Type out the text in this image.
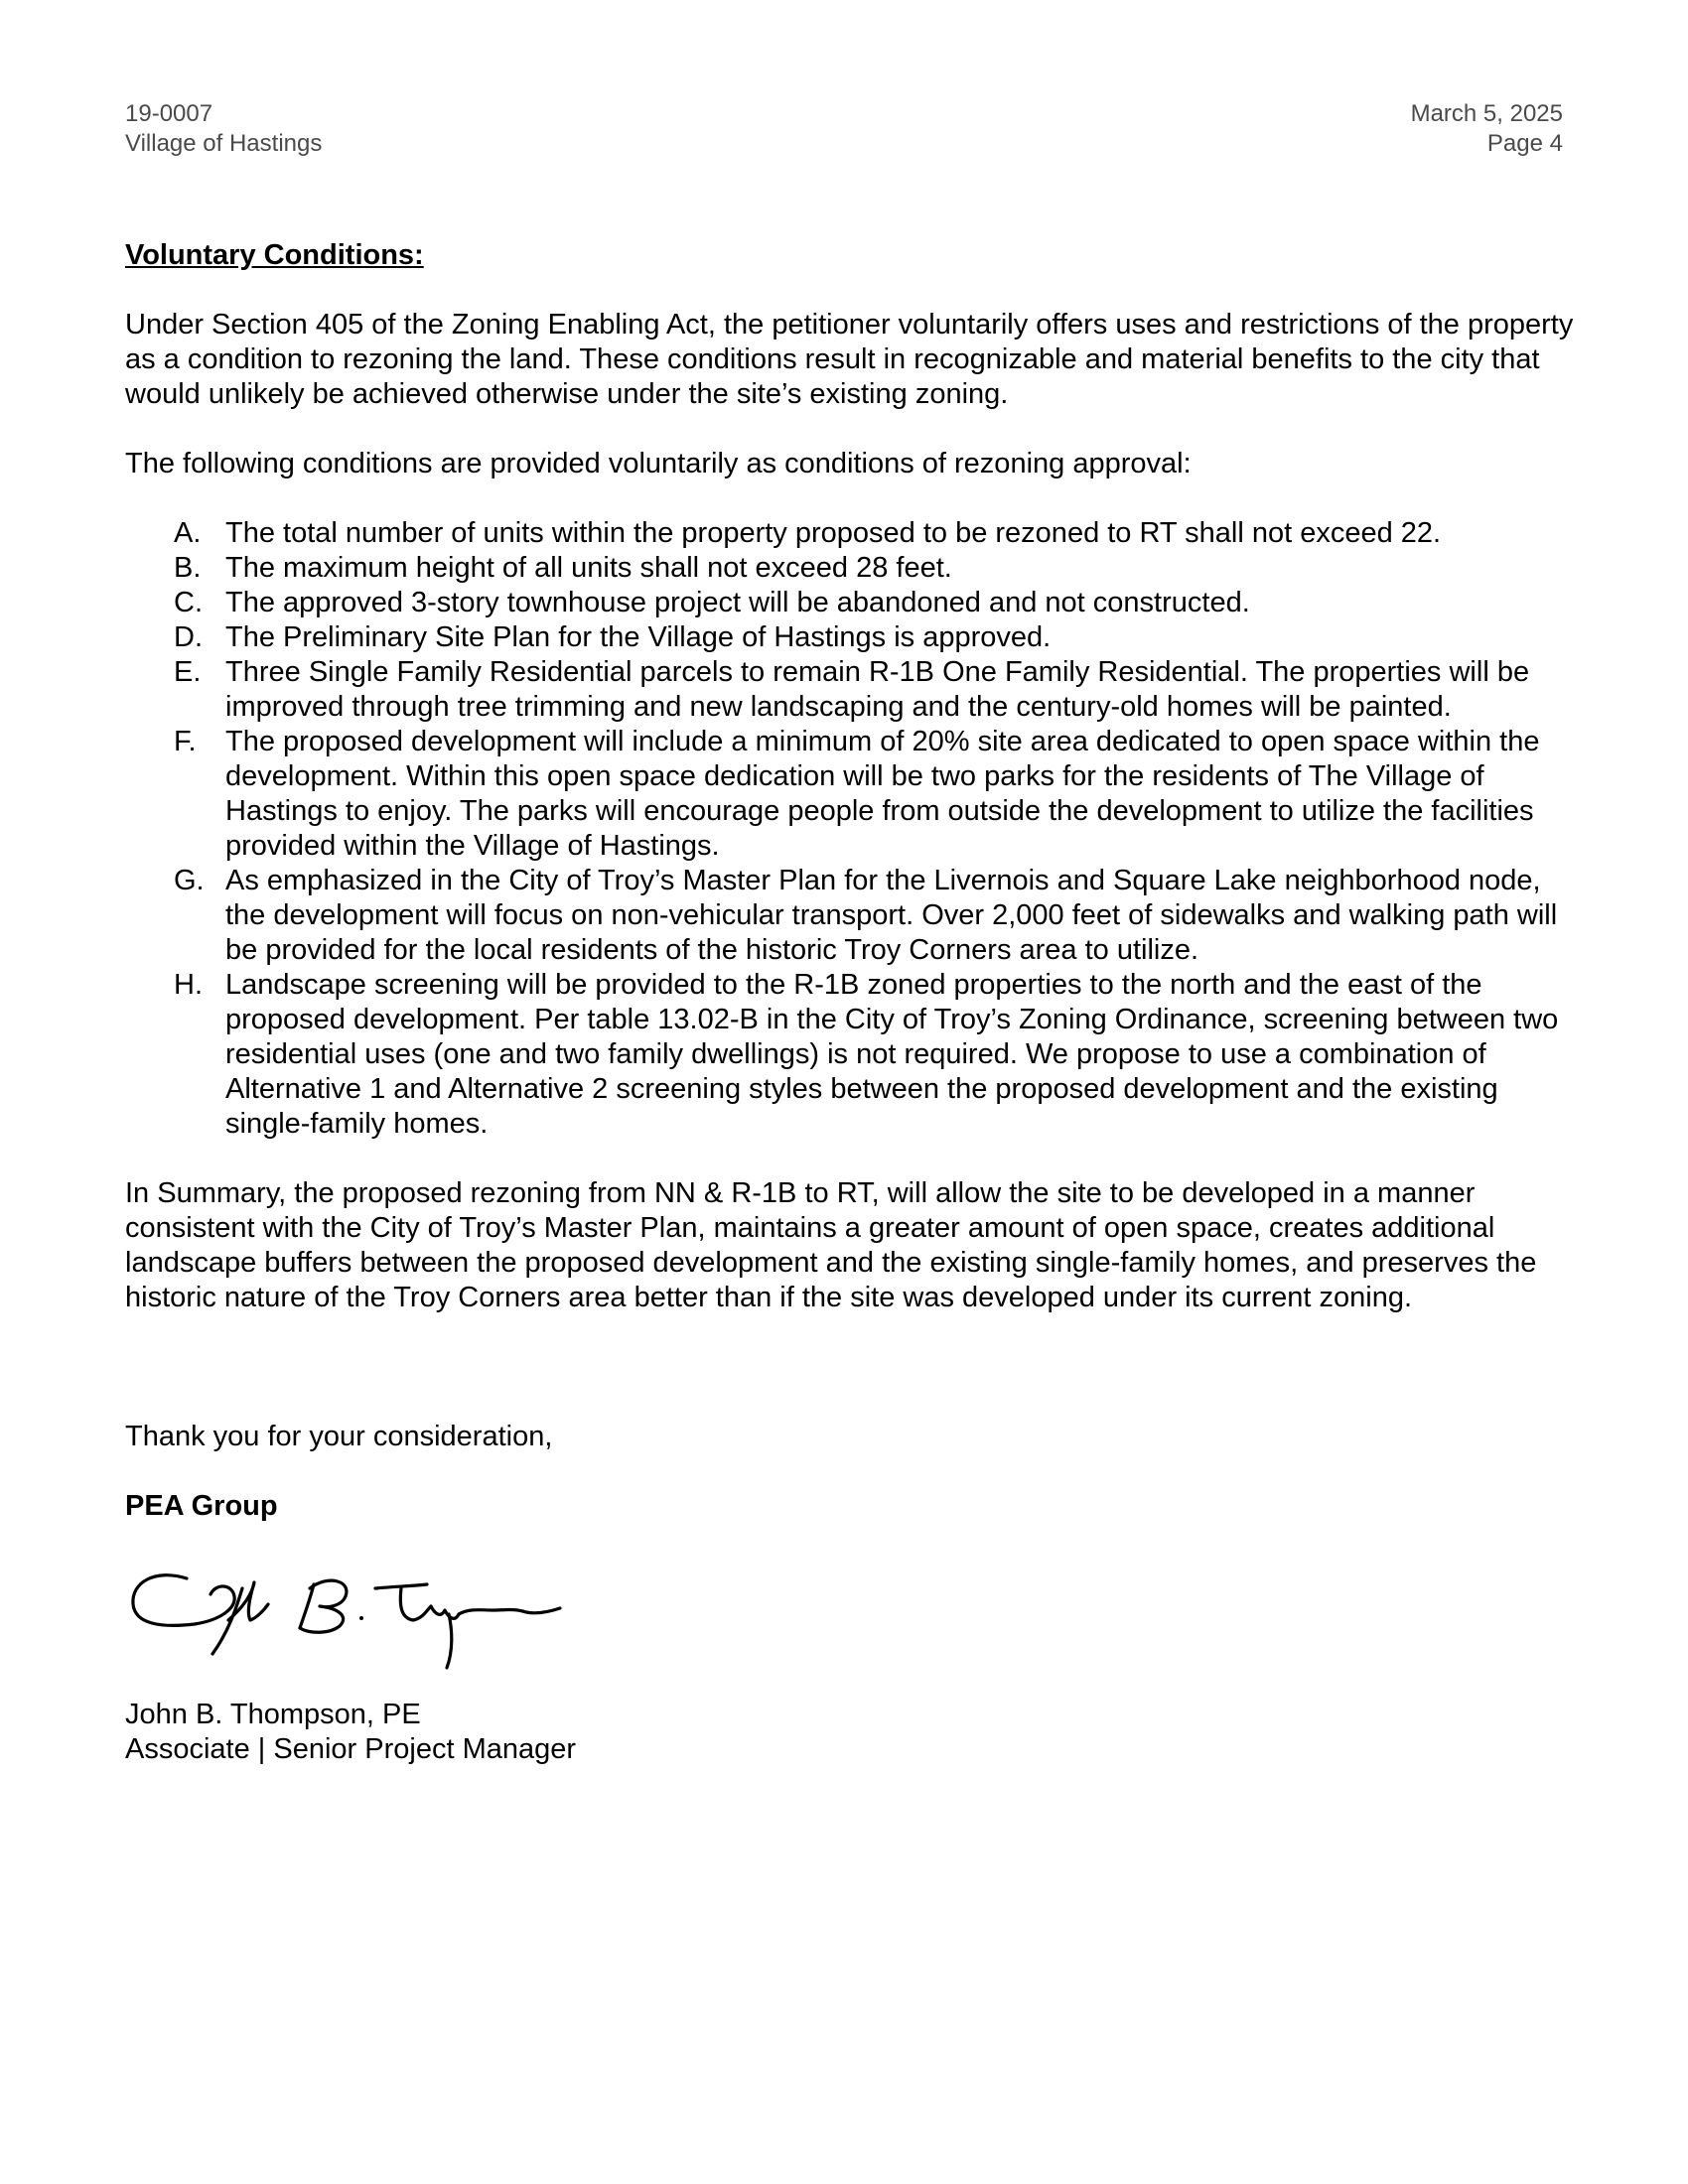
19-0007
Village of Hastings
March 5, 2025
Page 4
Voluntary Conditions:
Under Section 405 of the Zoning Enabling Act, the petitioner voluntarily offers uses and restrictions of the property as a condition to rezoning the land. These conditions result in recognizable and material benefits to the city that would unlikely be achieved otherwise under the site’s existing zoning.
The following conditions are provided voluntarily as conditions of rezoning approval:
A. The total number of units within the property proposed to be rezoned to RT shall not exceed 22.
B. The maximum height of all units shall not exceed 28 feet.
C. The approved 3-story townhouse project will be abandoned and not constructed.
D. The Preliminary Site Plan for the Village of Hastings is approved.
E. Three Single Family Residential parcels to remain R-1B One Family Residential. The properties will be improved through tree trimming and new landscaping and the century-old homes will be painted.
F. The proposed development will include a minimum of 20% site area dedicated to open space within the development. Within this open space dedication will be two parks for the residents of The Village of Hastings to enjoy. The parks will encourage people from outside the development to utilize the facilities provided within the Village of Hastings.
G. As emphasized in the City of Troy’s Master Plan for the Livernois and Square Lake neighborhood node, the development will focus on non-vehicular transport. Over 2,000 feet of sidewalks and walking path will be provided for the local residents of the historic Troy Corners area to utilize.
H. Landscape screening will be provided to the R-1B zoned properties to the north and the east of the proposed development. Per table 13.02-B in the City of Troy’s Zoning Ordinance, screening between two residential uses (one and two family dwellings) is not required. We propose to use a combination of Alternative 1 and Alternative 2 screening styles between the proposed development and the existing single-family homes.
In Summary, the proposed rezoning from NN & R-1B to RT, will allow the site to be developed in a manner consistent with the City of Troy’s Master Plan, maintains a greater amount of open space, creates additional landscape buffers between the proposed development and the existing single-family homes, and preserves the historic nature of the Troy Corners area better than if the site was developed under its current zoning.
Thank you for your consideration,
PEA Group
John B. Thompson, PE
Associate | Senior Project Manager
